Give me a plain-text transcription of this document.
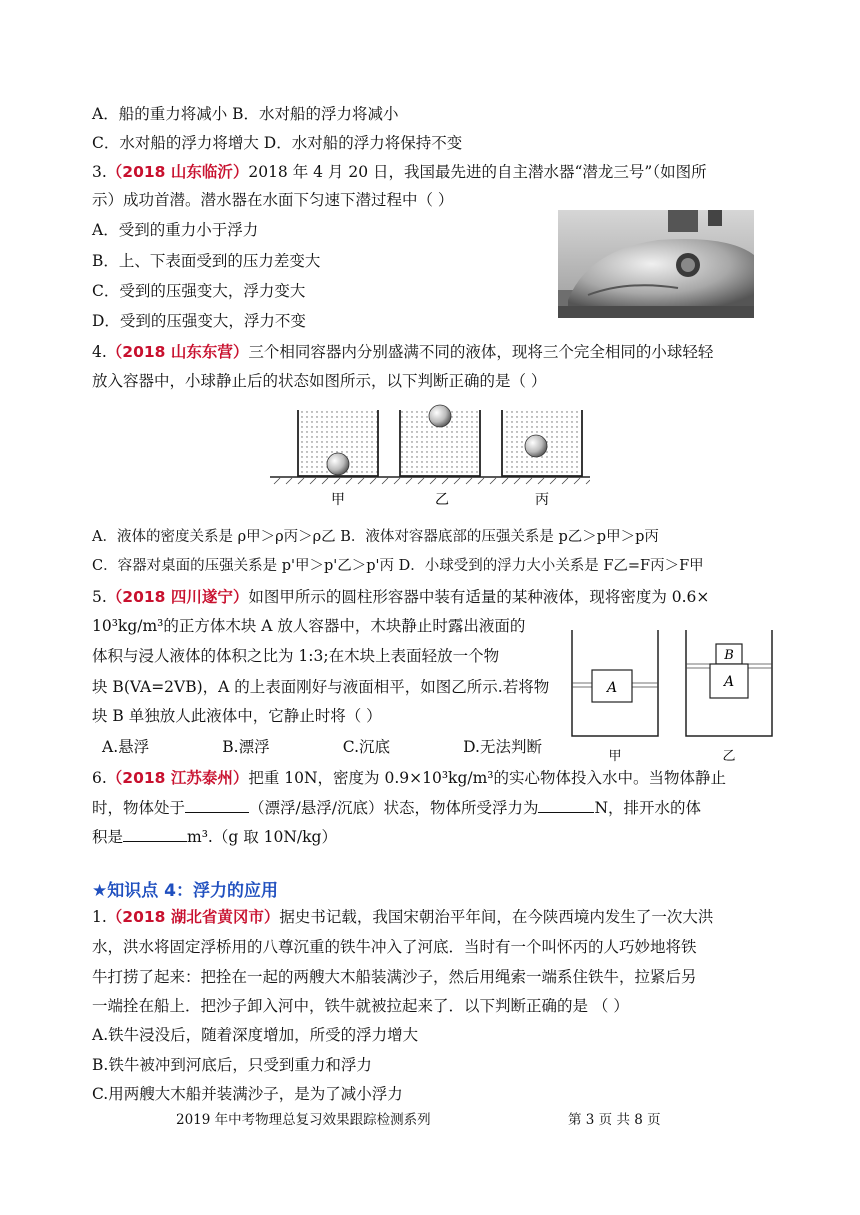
A．船的重力将减小 B．水对船的浮力将减小
C．水对船的浮力将增大 D．水对船的浮力将保持不变
3.（2018 山东临沂）2018 年 4 月 20 日，我国最先进的自主潜水器“潜龙三号”（如图所
示）成功首潜。潜水器在水面下匀速下潜过程中（ ）
A．受到的重力小于浮力
B．上、下表面受到的压力差变大
C．受到的压强变大，浮力变大
D．受到的压强变大，浮力不变
4.（2018 山东东营）三个相同容器内分别盛满不同的液体，现将三个完全相同的小球轻轻
放入容器中，小球静止后的状态如图所示，以下判断正确的是（ ）
甲	乙	丙
A．液体的密度关系是 ρ甲＞ρ丙＞ρ乙 B．液体对容器底部的压强关系是 p乙＞p甲＞p丙
C．容器对桌面的压强关系是 p'甲＞p'乙＞p'丙 D．小球受到的浮力大小关系是 F乙=F丙＞F甲
5.（2018 四川遂宁）如图甲所示的圆柱形容器中装有适量的某种液体，现将密度为 0.6×
10³kg/m³的正方体木块 A 放人容器中，木块静止时露出液面的
体积与浸人液体的体积之比为 1:3;在木块上表面轻放一个物
块 B(VA=2VB)，A 的上表面刚好与液面相平，如图乙所示.若将物
块 B 单独放人此液体中，它静止时将（ ）
A.悬浮	B.漂浮	C.沉底	D.无法判断
A
B
A
甲	乙
6.（2018 江苏泰州）把重 10N，密度为 0.9×10³kg/m³的实心物体投入水中。当物体静止
时，物体处于	（漂浮/悬浮/沉底）状态，物体所受浮力为	N，排开水的体
积是	m³.（g 取 10N/kg）
★知识点 4：浮力的应用
1.（2018 湖北省黄冈市）据史书记载，我国宋朝治平年间，在今陕西境内发生了一次大洪
水，洪水将固定浮桥用的八尊沉重的铁牛冲入了河底．当时有一个叫怀丙的人巧妙地将铁
牛打捞了起来：把拴在一起的两艘大木船装满沙子，然后用绳索一端系住铁牛，拉紧后另
一端拴在船上．把沙子卸入河中，铁牛就被拉起来了．以下判断正确的是 （ ）
A.铁牛浸没后，随着深度增加，所受的浮力增大
B.铁牛被冲到河底后，只受到重力和浮力
C.用两艘大木船并装满沙子，是为了减小浮力
2019 年中考物理总复习效果跟踪检测系列	第 3 页 共 8 页
